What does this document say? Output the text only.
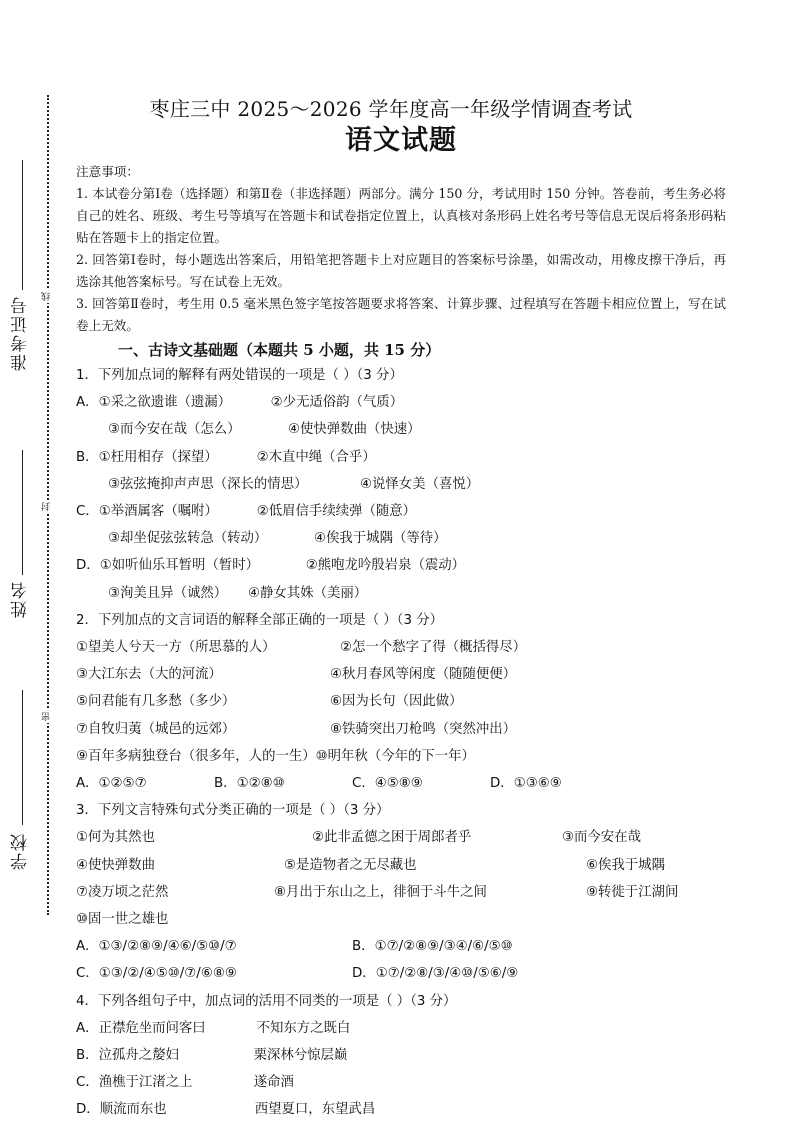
准考证号
姓名
学校
线
封
密
枣庄三中 2025～2026 学年度高一年级学情调查考试
语文试题
注意事项：
1. 本试卷分第Ⅰ卷（选择题）和第Ⅱ卷（非选择题）两部分。满分 150 分，考试用时 150 分钟。答卷前，考生务必将自己的姓名、班级、考生号等填写在答题卡和试卷指定位置上，认真核对条形码上姓名考号等信息无误后将条形码粘贴在答题卡上的指定位置。
2. 回答第Ⅰ卷时，每小题选出答案后，用铅笔把答题卡上对应题目的答案标号涂墨，如需改动，用橡皮擦干净后，再选涂其他答案标号。写在试卷上无效。
3. 回答第Ⅱ卷时，考生用 0.5 毫米黑色签字笔按答题要求将答案、计算步骤、过程填写在答题卡相应位置上，写在试卷上无效。
一、古诗文基础题（本题共 5 小题，共 15 分）
1．下列加点词的解释有两处错误的一项是（ ）（3 分）
A．①采之欲遗谁（遗漏）	②少无适俗韵（气质）
③而今安在哉（怎么）	④使快弹数曲（快速）
B．①枉用相存（探望）	②木直中绳（合乎）
③弦弦掩抑声声思（深长的情思）	④说怿女美（喜悦）
C．①举酒属客（嘱咐）	②低眉信手续续弹（随意）
③却坐促弦弦转急（转动）	④俟我于城隅（等待）
D．①如听仙乐耳暂明（暂时）	②熊咆龙吟殷岩泉（震动）
③洵美且异（诚然） ④静女其姝（美丽）
2．下列加点的文言词语的解释全部正确的一项是（ ）（3 分）
①望美人兮天一方（所思慕的人）	②怎一个愁字了得（概括得尽）
③大江东去（大的河流）	④秋月春风等闲度（随随便便）
⑤问君能有几多愁（多少）	⑥因为长句（因此做）
⑦自牧归荑（城邑的远郊）	⑧铁骑突出刀枪鸣（突然冲出）
⑨百年多病独登台（很多年，人的一生）⑩明年秋（今年的下一年）
A．①②⑤⑦	B．①②⑧⑩	C．④⑤⑧⑨	D．①③⑥⑨
3．下列文言特殊句式分类正确的一项是（ ）（3 分）
①何为其然也	②此非孟德之困于周郎者乎	③而今安在哉
④使快弹数曲	⑤是造物者之无尽藏也	⑥俟我于城隅
⑦凌万顷之茫然	⑧月出于东山之上，徘徊于斗牛之间	⑨转徙于江湖间
⑩固一世之雄也
A．①③/②⑧⑨/④⑥/⑤⑩/⑦	B．①⑦/②⑧⑨/③④/⑥/⑤⑩
C．①③/②/④⑤⑩/⑦/⑥⑧⑨	D．①⑦/②⑧/③/④⑩/⑤⑥/⑨
4．下列各组句子中，加点词的活用不同类的一项是（ ）（3 分）
A．正襟危坐而问客曰	不知东方之既白
B．泣孤舟之嫠妇	栗深林兮惊层巅
C．渔樵于江渚之上	遂命酒
D．顺流而东也	西望夏口，东望武昌
